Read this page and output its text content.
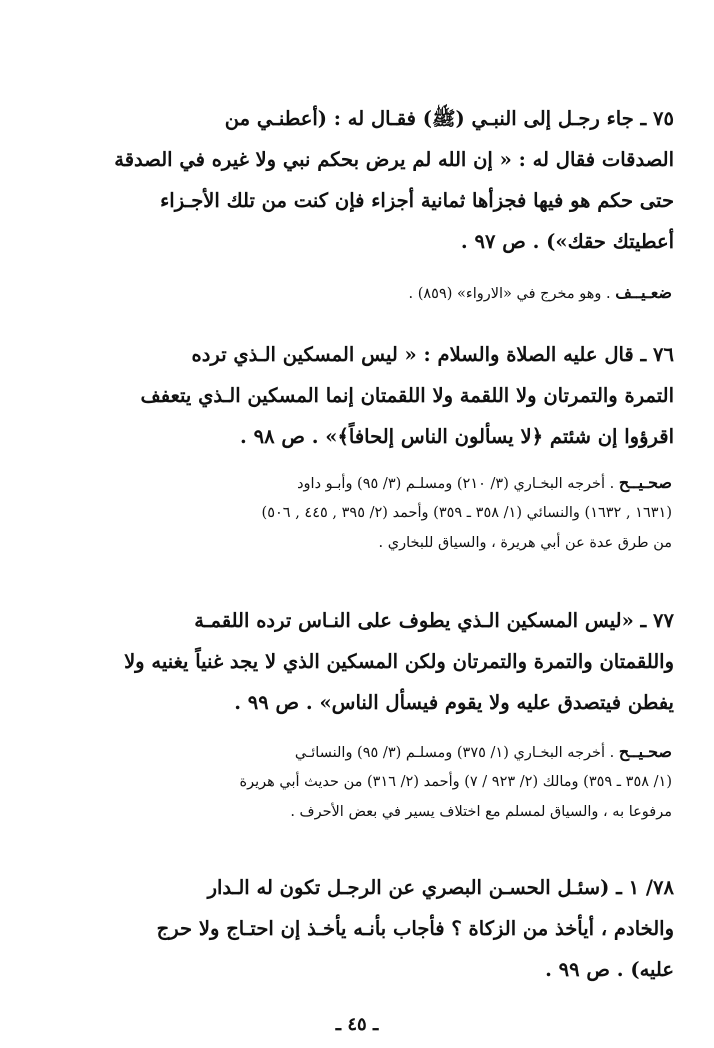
٧٥ ـ جاء رجـل إلى النبـي (ﷺ) فقـال له : (أعطنـي من
الصدقات فقال له : « إن الله لم يرض بحكم نبي ولا غيره في الصدقة
حتى حكم هو فيها فجزأها ثمانية أجزاء فإن كنت من تلك الأجـزاء
أعطيتك حقك») . ص ٩٧ .
ضعـيــف . وهو مخرج في «الارواء» (٨٥٩) .
٧٦ ـ قال عليه الصلاة والسلام : « ليس المسكين الـذي ترده
التمرة والتمرتان ولا اللقمة ولا اللقمتان إنما المسكين الـذي يتعفف
اقرؤوا إن شئتم ﴿لا يسألون الناس إلحافاً﴾» . ص ٩٨ .
صحـيــح . أخرجه البخـاري (٣/ ٢١٠) ومسلـم (٣/ ٩٥) وأبـو داود
(١٦٣١ , ١٦٣٢) والنسائي (١/ ٣٥٨ ـ ٣٥٩) وأحمد (٢/ ٣٩٥ , ٤٤٥ , ٥٠٦)
من طرق عدة عن أبي هريرة ، والسياق للبخاري .
٧٧ ـ «ليس المسكين الـذي يطوف على النـاس ترده اللقمـة
واللقمتان والتمرة والتمرتان ولكن المسكين الذي لا يجد غنياً يغنيه ولا
يفطن فيتصدق عليه ولا يقوم فيسأل الناس» . ص ٩٩ .
صحـيــح . أخرجه البخـاري (١/ ٣٧٥) ومسلـم (٣/ ٩٥) والنسائـي
(١/ ٣٥٨ ـ ٣٥٩) ومالك (٢/ ٩٢٣ / ٧) وأحمد (٢/ ٣١٦) من حديث أبي هريرة
مرفوعا به ، والسياق لمسلم مع اختلاف يسير في بعض الأحرف .
٧٨/ ١ ـ (سئـل الحسـن البصري عن الرجـل تكون له الـدار
والخادم ، أيأخذ من الزكاة ؟ فأجاب بأنـه يأخـذ إن احتـاج ولا حرج
عليه) . ص ٩٩ .
ـ ٤٥ ـ
